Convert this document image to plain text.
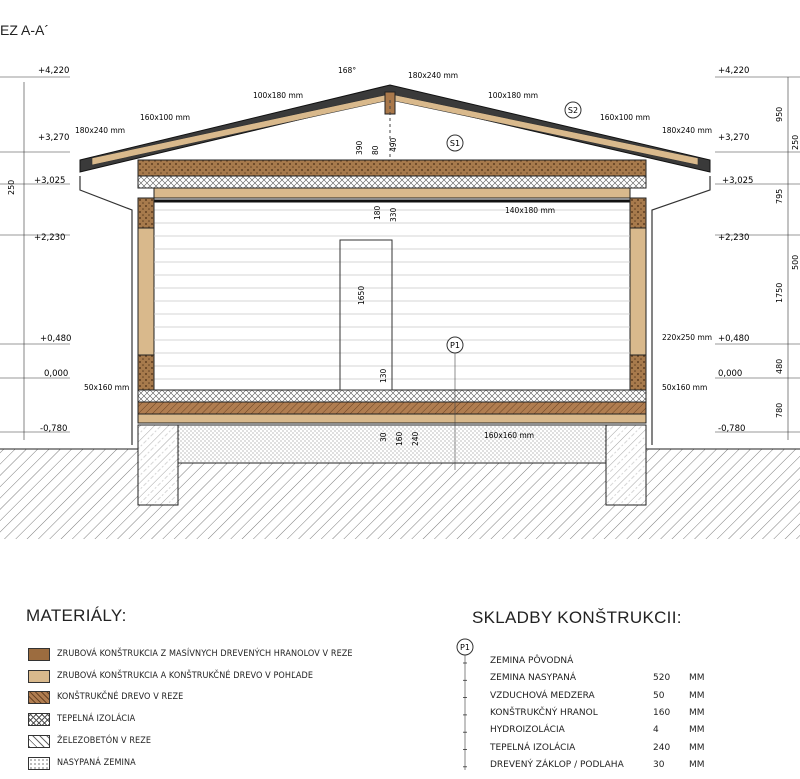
EZ A-A´
P1
S1
S2
+4,220
+3,270
+3,025
+2,230
+0,480
0,000
-0,780
250
+4,220
+3,270
+3,025
+2,230
+0,480
0,000
-0,780
950
795
1750
480
780
250
500
180x240 mm
100x180 mm	100x180 mm
160x100 mm	160x100 mm
180x240 mm	180x240 mm
168°
140x180 mm
50x160 mm	50x160 mm
220x250 mm
160x160 mm
390 80 490
180 330
1650
130
30 160 240
P1
MATERIÁLY:
ZRUBOVÁ KONŠTRUKCIA Z MASÍVNYCH DREVENÝCH HRANOLOV V REZE
ZRUBOVÁ KONŠTRUKCIA A KONŠTRUKČNÉ DREVO V POHĽADE
KONŠTRUKČNÉ DREVO V REZE
TEPELNÁ IZOLÁCIA
ŽELEZOBETÓN V REZE
NASYPANÁ ZEMINA
SKLADBY KONŠTRUKCII:
ZEMINA PÔVODNÁ
ZEMINA NASYPANÁ	520 MM
VZDUCHOVÁ MEDZERA	50	MM
KONŠTRUKČNÝ HRANOL	160 MM
HYDROIZOLÁCIA	4	MM
TEPELNÁ IZOLÁCIA	240 MM
DREVENÝ ZÁKLOP / PODLAHA	30	MM
